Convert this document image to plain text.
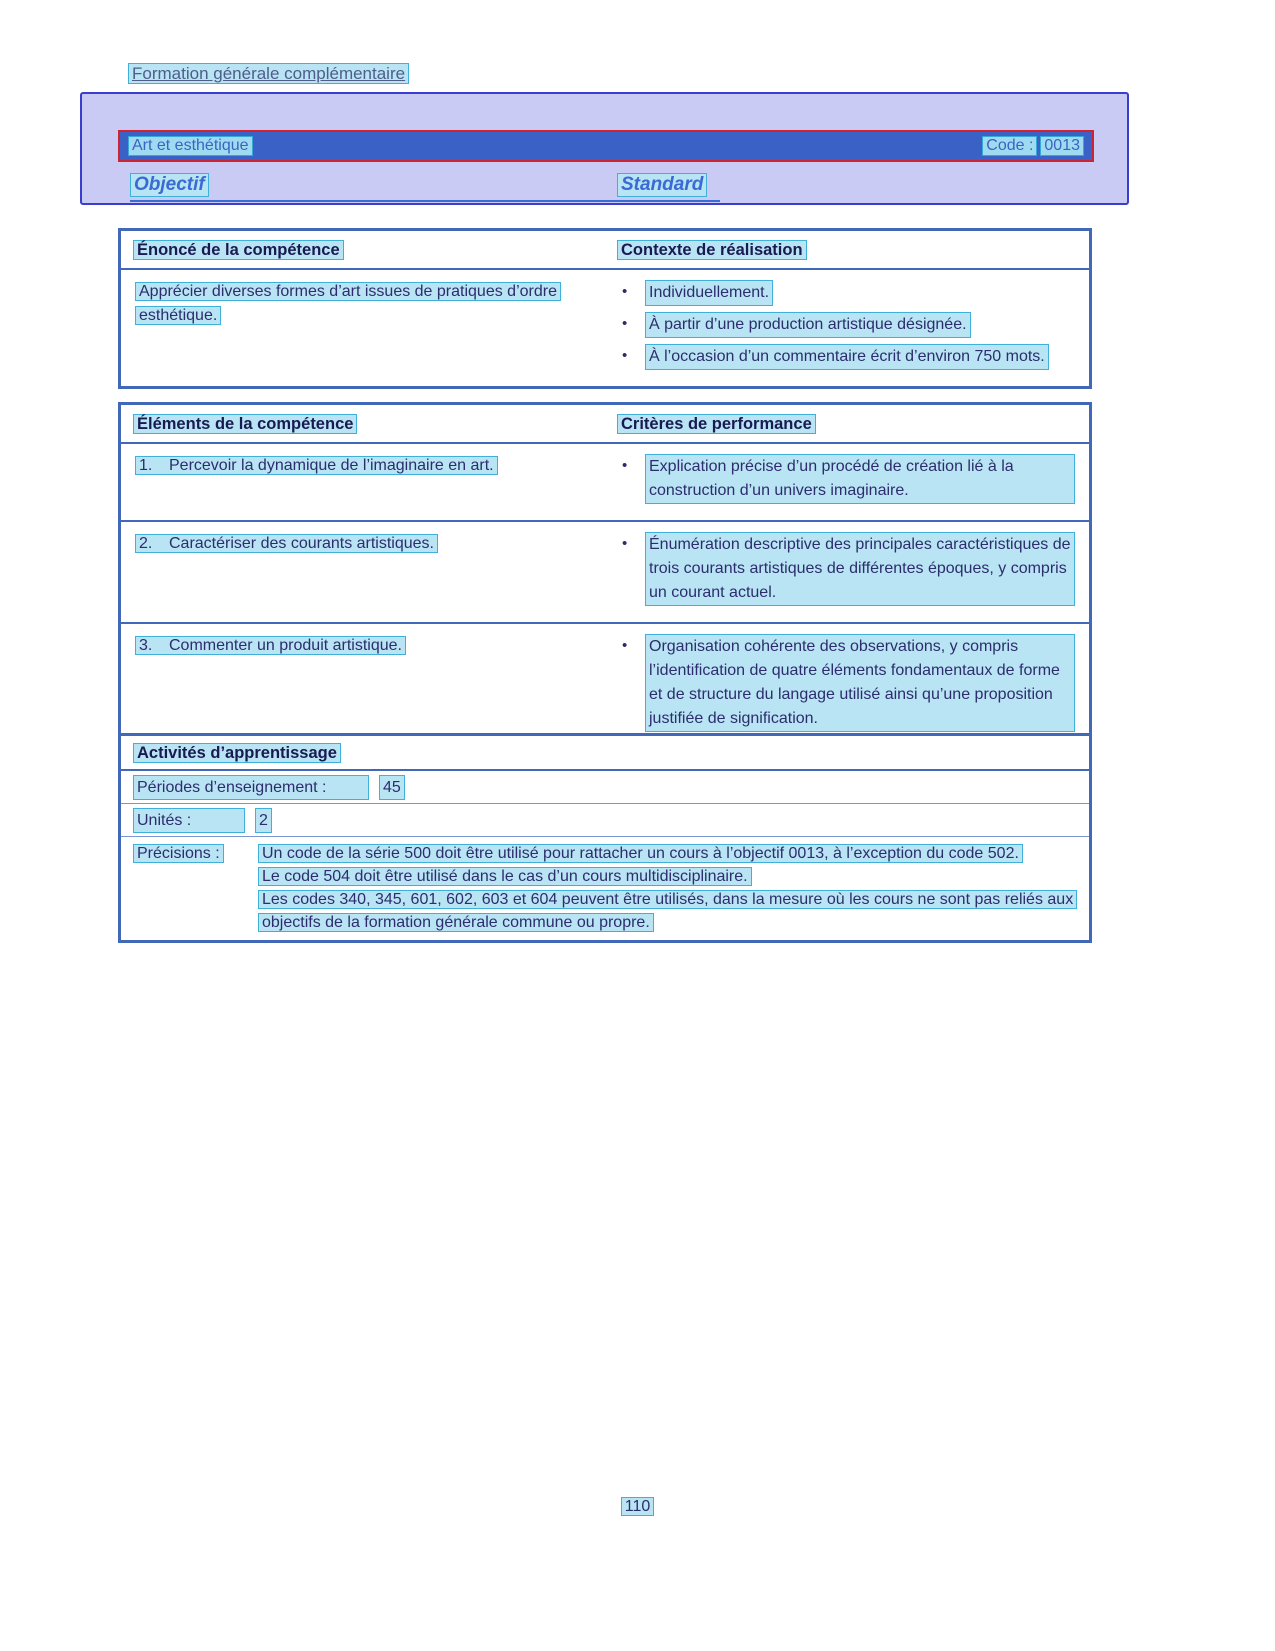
Formation générale complémentaire
Art et esthétique	Code : 0013
Objectif	Standard
Énoncé de la compétence	Contexte de réalisation
Apprécier diverses formes d’art issues de pratiques d’ordre esthétique.
•	Individuellement.
•	À partir d’une production artistique désignée.
•	À l’occasion d’un commentaire écrit d’environ 750 mots.
Éléments de la compétence	Critères de performance
1. Percevoir la dynamique de l’imaginaire en art.	•	Explication précise d’un procédé de création lié à la construction d’un univers imaginaire.
2. Caractériser des courants artistiques.	•	Énumération descriptive des principales caractéristiques de trois courants artistiques de différentes époques, y compris un courant actuel.
3. Commenter un produit artistique.	•	Organisation cohérente des observations, y compris l’identification de quatre éléments fondamentaux de forme et de structure du langage utilisé ainsi qu’une proposition justifiée de signification.
Activités d’apprentissage
Périodes d’enseignement :	45
Unités :	2
Précisions :	Un code de la série 500 doit être utilisé pour rattacher un cours à l’objectif 0013, à l’exception du code 502.

Le code 504 doit être utilisé dans le cas d’un cours multidisciplinaire.

Les codes 340, 345, 601, 602, 603 et 604 peuvent être utilisés, dans la mesure où les cours ne sont pas reliés aux objectifs de la formation générale commune ou propre.

110
